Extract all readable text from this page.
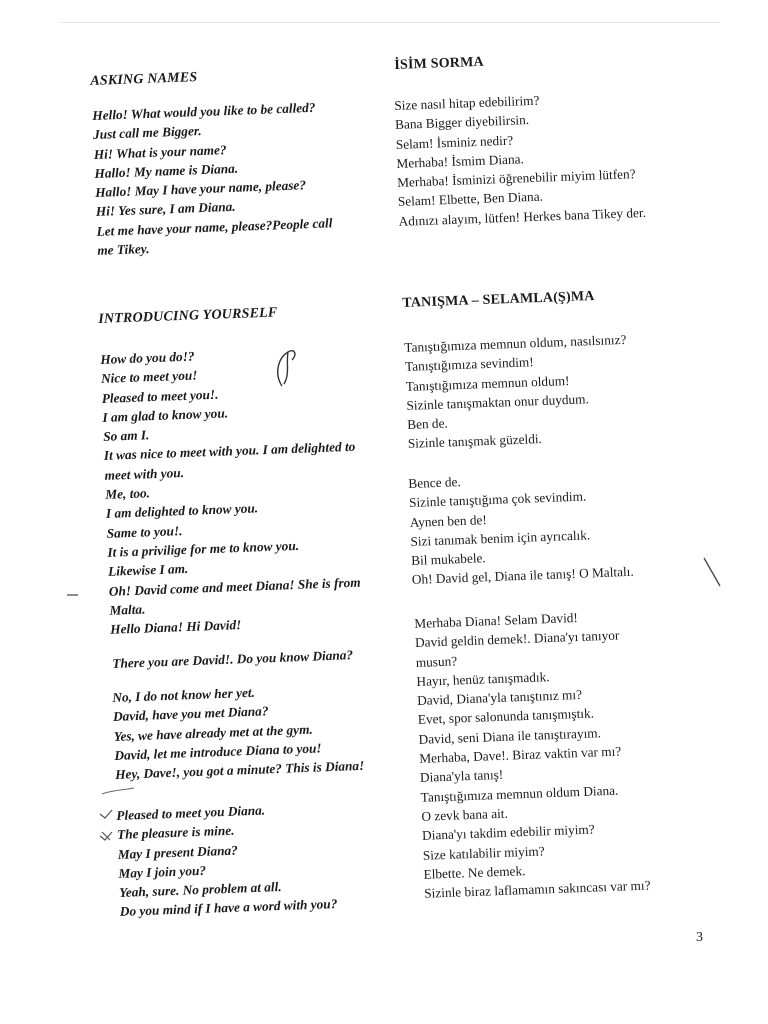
ASKING NAMES
Hello! What would you like to be called?
Just call me Bigger.
Hi! What is your name?
Hallo! My name is Diana.
Hallo! May I have your name, please?
Hi! Yes sure, I am Diana.
Let me have your name, please?People call
me Tikey.
İSİM SORMA
Size nasıl hitap edebilirim?
Bana Bigger diyebilirsin.
Selam! İsminiz nedir?
Merhaba! İsmim Diana.
Merhaba! İsminizi öğrenebilir miyim lütfen?
Selam! Elbette, Ben Diana.
Adınızı alayım, lütfen! Herkes bana Tikey der.
INTRODUCING YOURSELF
How do you do!?
Nice to meet you!
Pleased to meet you!.
I am glad to know you.
So am I.
It was nice to meet with you. I am delighted to
meet with you.
Me, too.
I am delighted to know you.
Same to you!.
It is a privilige for me to know you.
Likewise I am.
Oh! David come and meet Diana! She is from
Malta.
Hello Diana! Hi David!
There you are David!. Do you know Diana?
No, I do not know her yet.
David, have you met Diana?
Yes, we have already met at the gym.
David, let me introduce Diana to you!
Hey, Dave!, you got a minute? This is Diana!
Pleased to meet you Diana.
The pleasure is mine.
May I present Diana?
May I join you?
Yeah, sure. No problem at all.
Do you mind if I have a word with you?
TANIŞMA – SELAMLA(Ş)MA
Tanıştığımıza memnun oldum, nasılsınız?
Tanıştığımıza sevindim!
Tanıştığımıza memnun oldum!
Sizinle tanışmaktan onur duydum.
Ben de.
Sizinle tanışmak güzeldi.
Bence de.
Sizinle tanıştığıma çok sevindim.
Aynen ben de!
Sizi tanımak benim için ayrıcalık.
Bil mukabele.
Oh! David gel, Diana ile tanış! O Maltalı.
Merhaba Diana! Selam David!
David geldin demek!. Diana'yı tanıyor
musun?
Hayır, henüz tanışmadık.
David, Diana'yla tanıştınız mı?
Evet, spor salonunda tanışmıştık.
David, seni Diana ile tanıştırayım.
Merhaba, Dave!. Biraz vaktin var mı?
Diana'yla tanış!
Tanıştığımıza memnun oldum Diana.
O zevk bana ait.
Diana'yı takdim edebilir miyim?
Size katılabilir miyim?
Elbette. Ne demek.
Sizinle biraz laflamamın sakıncası var mı?
3
